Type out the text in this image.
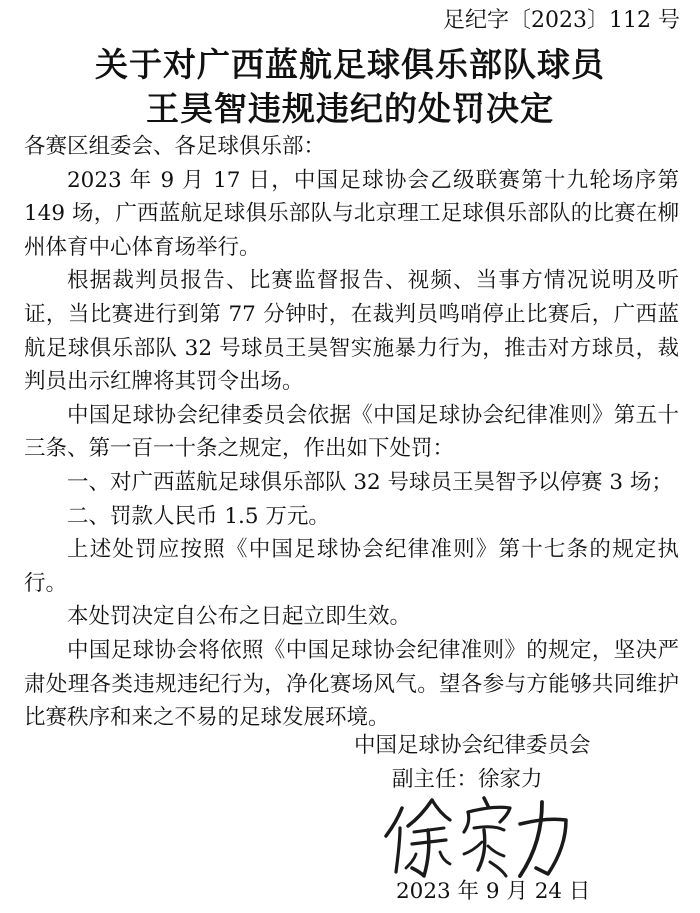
足纪字〔2023〕112 号
关于对广西蓝航足球俱乐部队球员
王昊智违规违纪的处罚决定

各赛区组委会、各足球俱乐部：

2023 年 9 月 17 日，中国足球协会乙级联赛第十九轮场序第 149 场，广西蓝航足球俱乐部队与北京理工足球俱乐部队的比赛在柳州体育中心体育场举行。

根据裁判员报告、比赛监督报告、视频、当事方情况说明及听证，当比赛进行到第 77 分钟时，在裁判员鸣哨停止比赛后，广西蓝航足球俱乐部队 32 号球员王昊智实施暴力行为，推击对方球员，裁判员出示红牌将其罚令出场。

中国足球协会纪律委员会依据《中国足球协会纪律准则》第五十三条、第一百一十条之规定，作出如下处罚：

一、对广西蓝航足球俱乐部队 32 号球员王昊智予以停赛 3 场；

二、罚款人民币 1.5 万元。

上述处罚应按照《中国足球协会纪律准则》第十七条的规定执行。

本处罚决定自公布之日起立即生效。

中国足球协会将依照《中国足球协会纪律准则》的规定，坚决严肃处理各类违规违纪行为，净化赛场风气。望各参与方能够共同维护比赛秩序和来之不易的足球发展环境。

中国足球协会纪律委员会
副主任：徐家力
2023 年 9 月 24 日
